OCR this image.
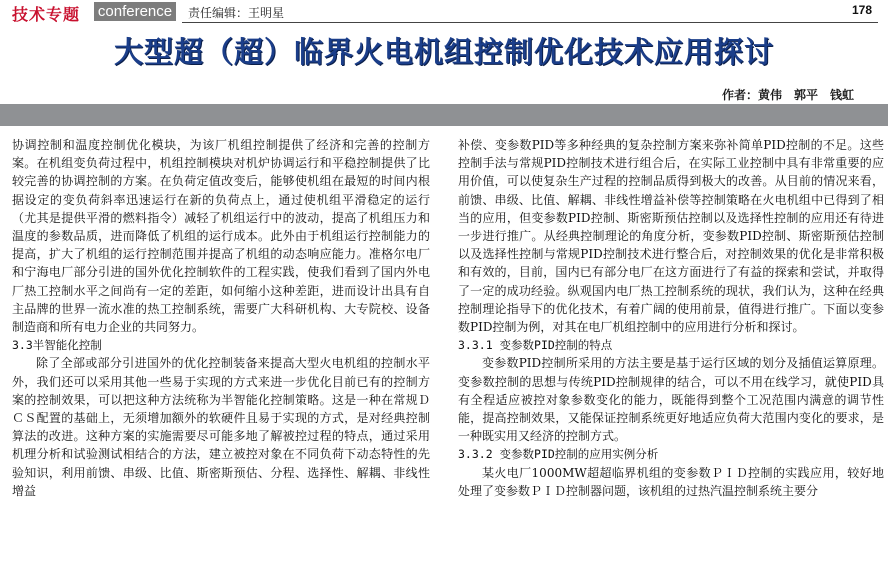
技术专题 conference	责任编辑：王明星	178
大型超（超）临界火电机组控制优化技术应用探讨
作者：黄伟　郭平　钱虹

协调控制和温度控制优化模块，为该厂机组控制提供了经济和完善的控制方案。在机组变负荷过程中，机组控制模块对机炉协调运行和平稳控制提供了比较完善的协调控制的方案。在负荷定值改变后，能够使机组在最短的时间内根据设定的变负荷斜率迅速运行在新的负荷点上，通过使机组平滑稳定的运行（尤其是提供平滑的燃料指令）减轻了机组运行中的波动，提高了机组压力和温度的参数品质，进而降低了机组的运行成本。此外由于机组运行控制能力的提高，扩大了机组的运行控制范围并提高了机组的动态响应能力。准格尔电厂和宁海电厂部分引进的国外优化控制软件的工程实践，使我们看到了国内外电厂热工控制水平之间尚有一定的差距，如何缩小这种差距，进而设计出具有自主品牌的世界一流水准的热工控制系统，需要广大科研机构、大专院校、设备制造商和所有电力企业的共同努力。

3.3半智能化控制

除了全部或部分引进国外的优化控制装备来提高大型火电机组的控制水平外，我们还可以采用其他一些易于实现的方式来进一步优化目前已有的控制方案的控制效果，可以把这种方法统称为半智能化控制策略。这是一种在常规ＤＣＳ配置的基础上，无须增加额外的软硬件且易于实现的方式，是对经典控制算法的改进。这种方案的实施需要尽可能多地了解被控过程的特点，通过采用机理分析和试验测试相结合的方法，建立被控对象在不同负荷下动态特性的先验知识，利用前馈、串级、比值、斯密斯预估、分程、选择性、解耦、非线性增益

补偿、变参数PID等多种经典的复杂控制方案来弥补简单PID控制的不足。这些控制手法与常规PID控制技术进行组合后，在实际工业控制中具有非常重要的应用价值，可以使复杂生产过程的控制品质得到极大的改善。从目前的情况来看，前馈、串级、比值、解耦、非线性增益补偿等控制策略在火电机组中已得到了相当的应用，但变参数PID控制、斯密斯预估控制以及选择性控制的应用还有待进一步进行推广。从经典控制理论的角度分析，变参数PID控制、斯密斯预估控制以及选择性控制与常规PID控制技术进行整合后，对控制效果的优化是非常积极和有效的，目前，国内已有部分电厂在这方面进行了有益的探索和尝试，并取得了一定的成功经验。纵观国内电厂热工控制系统的现状，我们认为，这种在经典控制理论指导下的优化技术，有着广阔的使用前景，值得进行推广。下面以变参数PID控制为例，对其在电厂机组控制中的应用进行分析和探讨。

3.3.1 变参数PID控制的特点

变参数PID控制所采用的方法主要是基于运行区域的划分及插值运算原理。变参数控制的思想与传统PID控制规律的结合，可以不用在线学习，就使PID具有全程适应被控对象参数变化的能力，既能得到整个工况范围内满意的调节性能，提高控制效果，又能保证控制系统更好地适应负荷大范围内变化的要求，是一种既实用又经济的控制方式。

3.3.2 变参数PID控制的应用实例分析

某火电厂1000MW超超临界机组的变参数ＰＩＤ控制的实践应用，较好地处理了变参数ＰＩＤ控制器问题，该机组的过热汽温控制系统主要分
